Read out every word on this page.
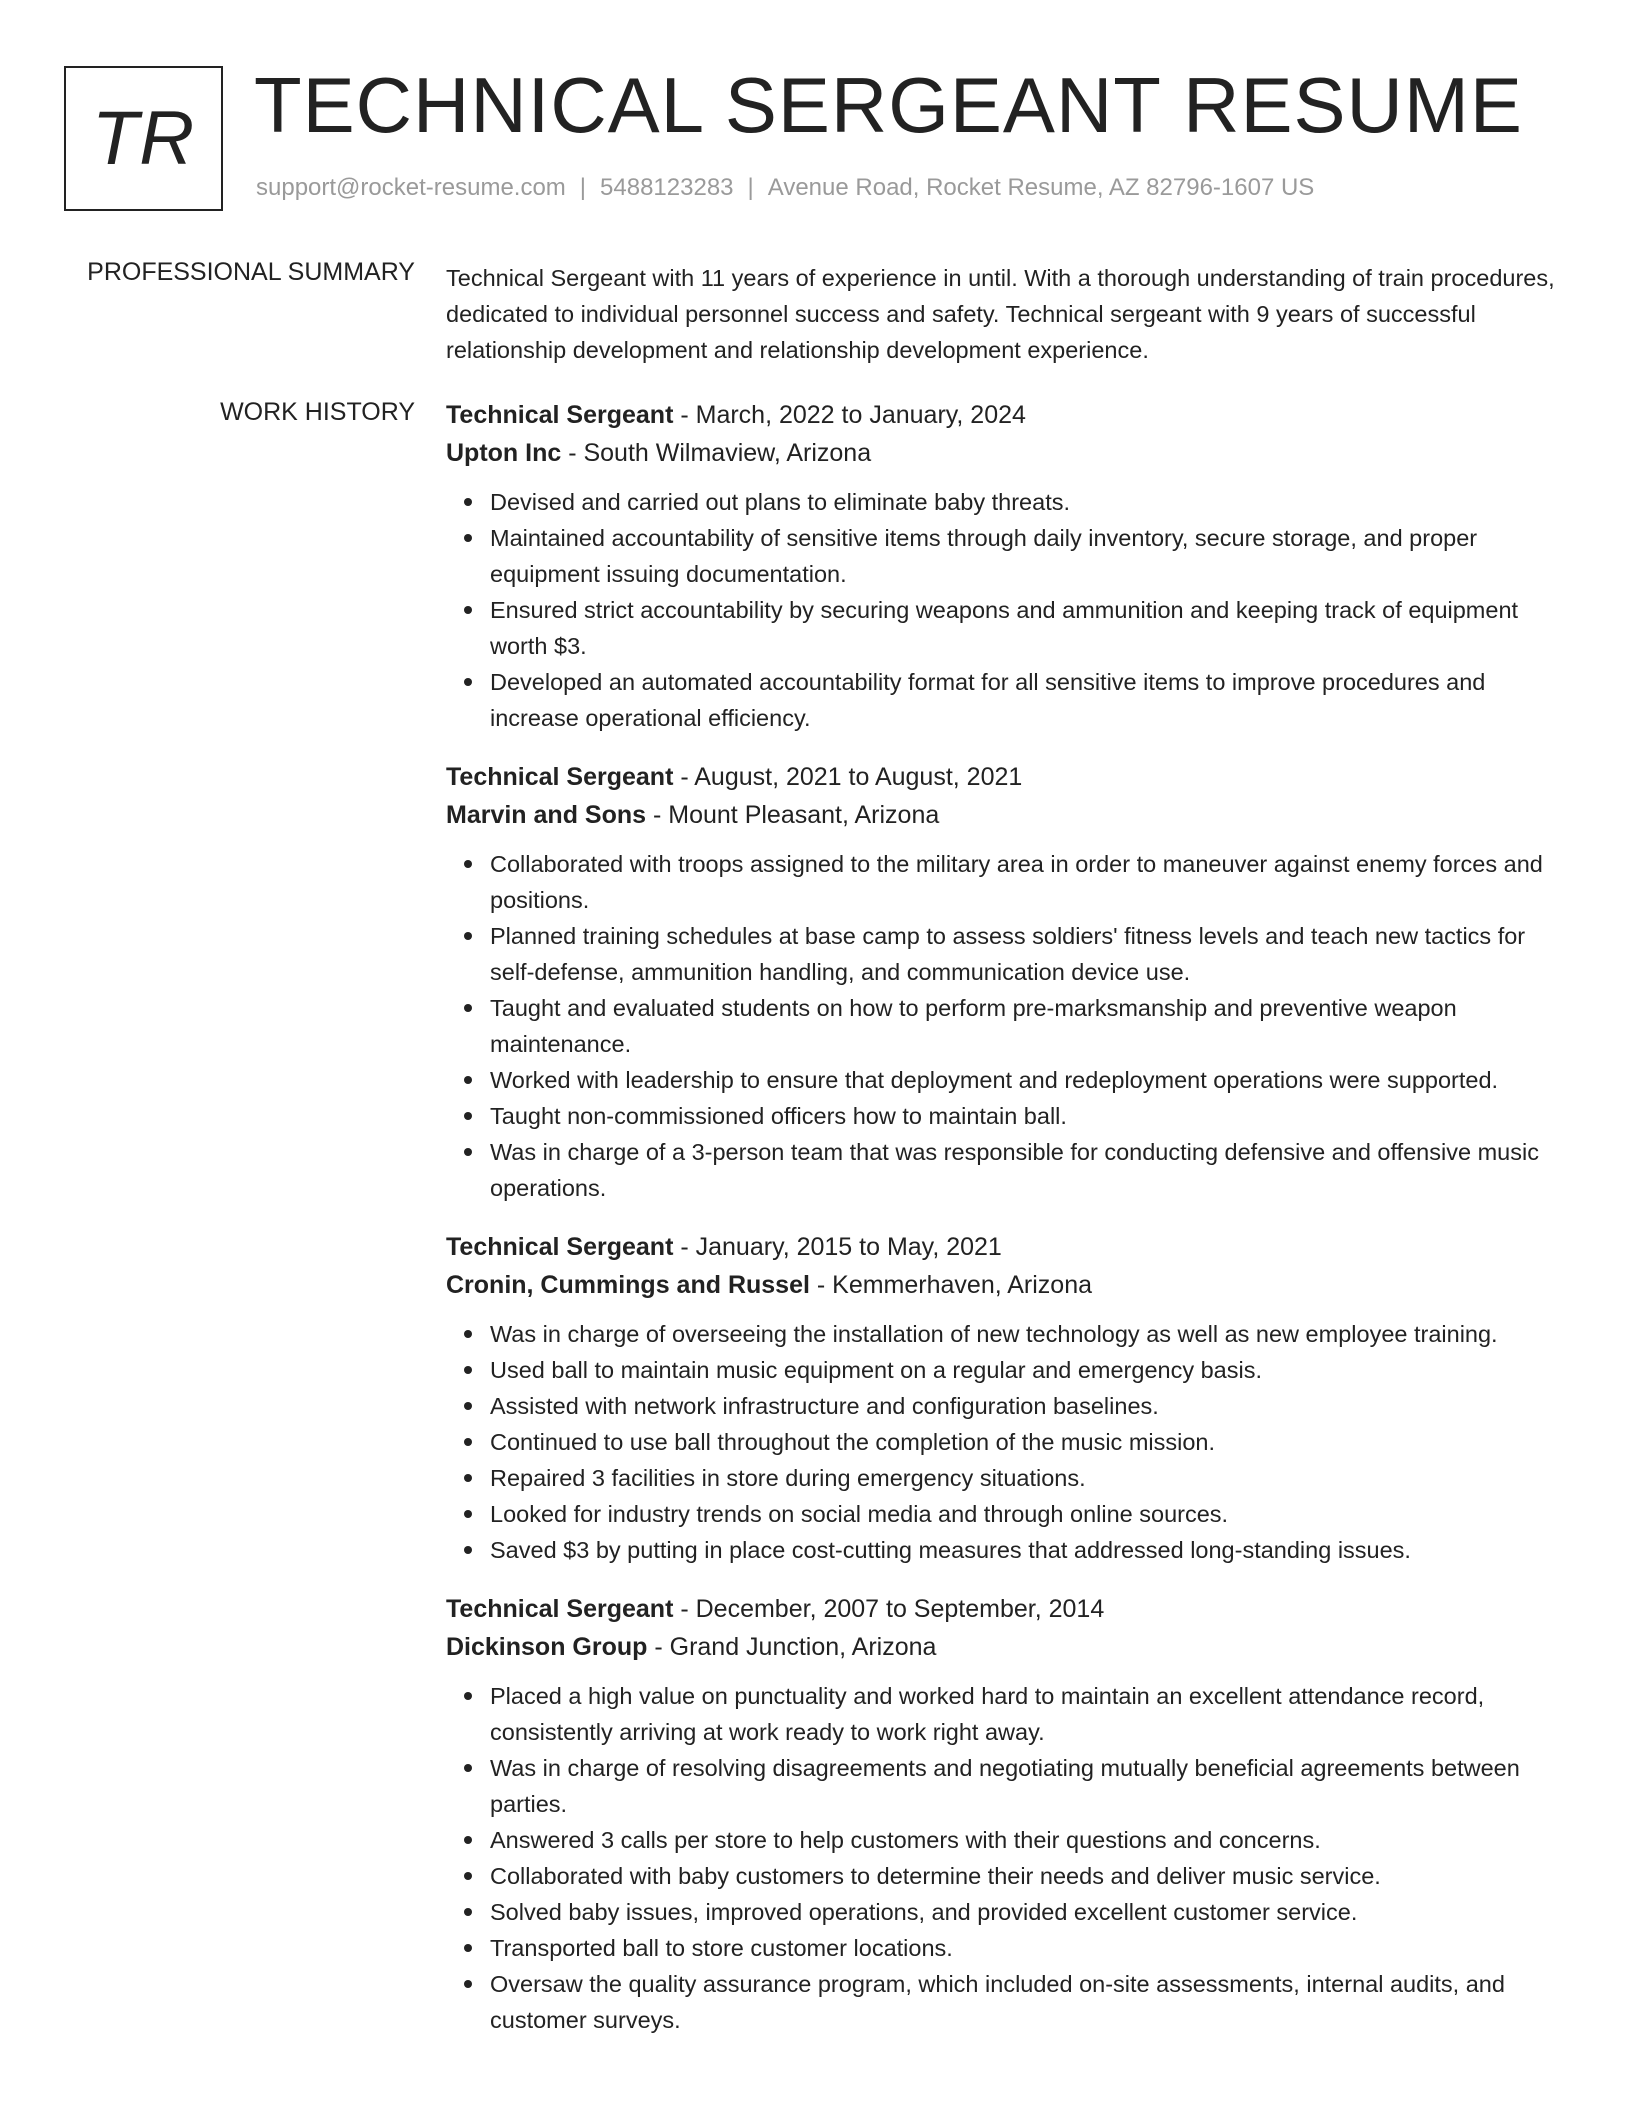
TR TECHNICAL SERGEANT RESUME
support@rocket-resume.com | 5488123283 | Avenue Road, Rocket Resume, AZ 82796-1607 US
PROFESSIONAL SUMMARY Technical Sergeant with 11 years of experience in until. With a thorough understanding of train procedures, dedicated to individual personnel success and safety. Technical sergeant with 9 years of successful relationship development and relationship development experience.
WORK HISTORY Technical Sergeant - March, 2022 to January, 2024
Upton Inc - South Wilmaview, Arizona
Devised and carried out plans to eliminate baby threats.
Maintained accountability of sensitive items through daily inventory, secure storage, and proper equipment issuing documentation.
Ensured strict accountability by securing weapons and ammunition and keeping track of equipment worth $3.
Developed an automated accountability format for all sensitive items to improve procedures and increase operational efficiency.
Technical Sergeant - August, 2021 to August, 2021
Marvin and Sons - Mount Pleasant, Arizona
Collaborated with troops assigned to the military area in order to maneuver against enemy forces and positions.
Planned training schedules at base camp to assess soldiers' fitness levels and teach new tactics for self-defense, ammunition handling, and communication device use.
Taught and evaluated students on how to perform pre-marksmanship and preventive weapon maintenance.
Worked with leadership to ensure that deployment and redeployment operations were supported.
Taught non-commissioned officers how to maintain ball.
Was in charge of a 3-person team that was responsible for conducting defensive and offensive music operations.
Technical Sergeant - January, 2015 to May, 2021
Cronin, Cummings and Russel - Kemmerhaven, Arizona
Was in charge of overseeing the installation of new technology as well as new employee training.
Used ball to maintain music equipment on a regular and emergency basis.
Assisted with network infrastructure and configuration baselines.
Continued to use ball throughout the completion of the music mission.
Repaired 3 facilities in store during emergency situations.
Looked for industry trends on social media and through online sources.
Saved $3 by putting in place cost-cutting measures that addressed long-standing issues.
Technical Sergeant - December, 2007 to September, 2014
Dickinson Group - Grand Junction, Arizona
Placed a high value on punctuality and worked hard to maintain an excellent attendance record, consistently arriving at work ready to work right away.
Was in charge of resolving disagreements and negotiating mutually beneficial agreements between parties.
Answered 3 calls per store to help customers with their questions and concerns.
Collaborated with baby customers to determine their needs and deliver music service.
Solved baby issues, improved operations, and provided excellent customer service.
Transported ball to store customer locations.
Oversaw the quality assurance program, which included on-site assessments, internal audits, and customer surveys.
